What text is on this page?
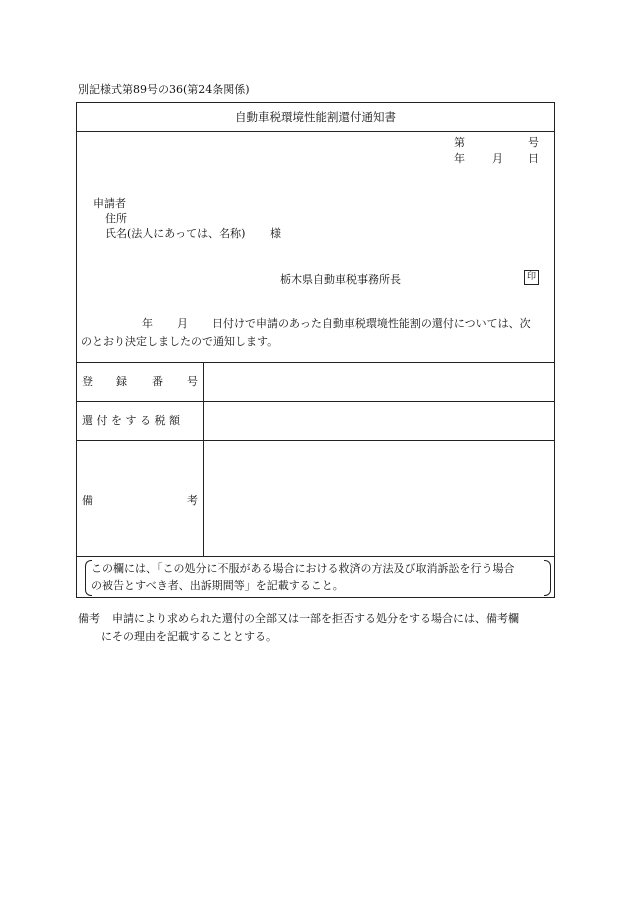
別記様式第89号の36(第24条関係)
自動車税環境性能割還付通知書
第	号
年 月 日
申請者
住所
氏名(法人にあっては、名称) 様
栃木県自動車税事務所長	印
年 月 日付けで申請のあった自動車税環境性能割の還付については、次
のとおり決定しましたので通知します。
登 録 番 号
還 付 を す る 税 額
備	考
この欄には、「この処分に不服がある場合における救済の方法及び取消訴訟を行う場合
の被告とすべき者、出訴期間等」を記載すること。
備考 申請により求められた還付の全部又は一部を拒否する処分をする場合には、備考欄
にその理由を記載することとする。
